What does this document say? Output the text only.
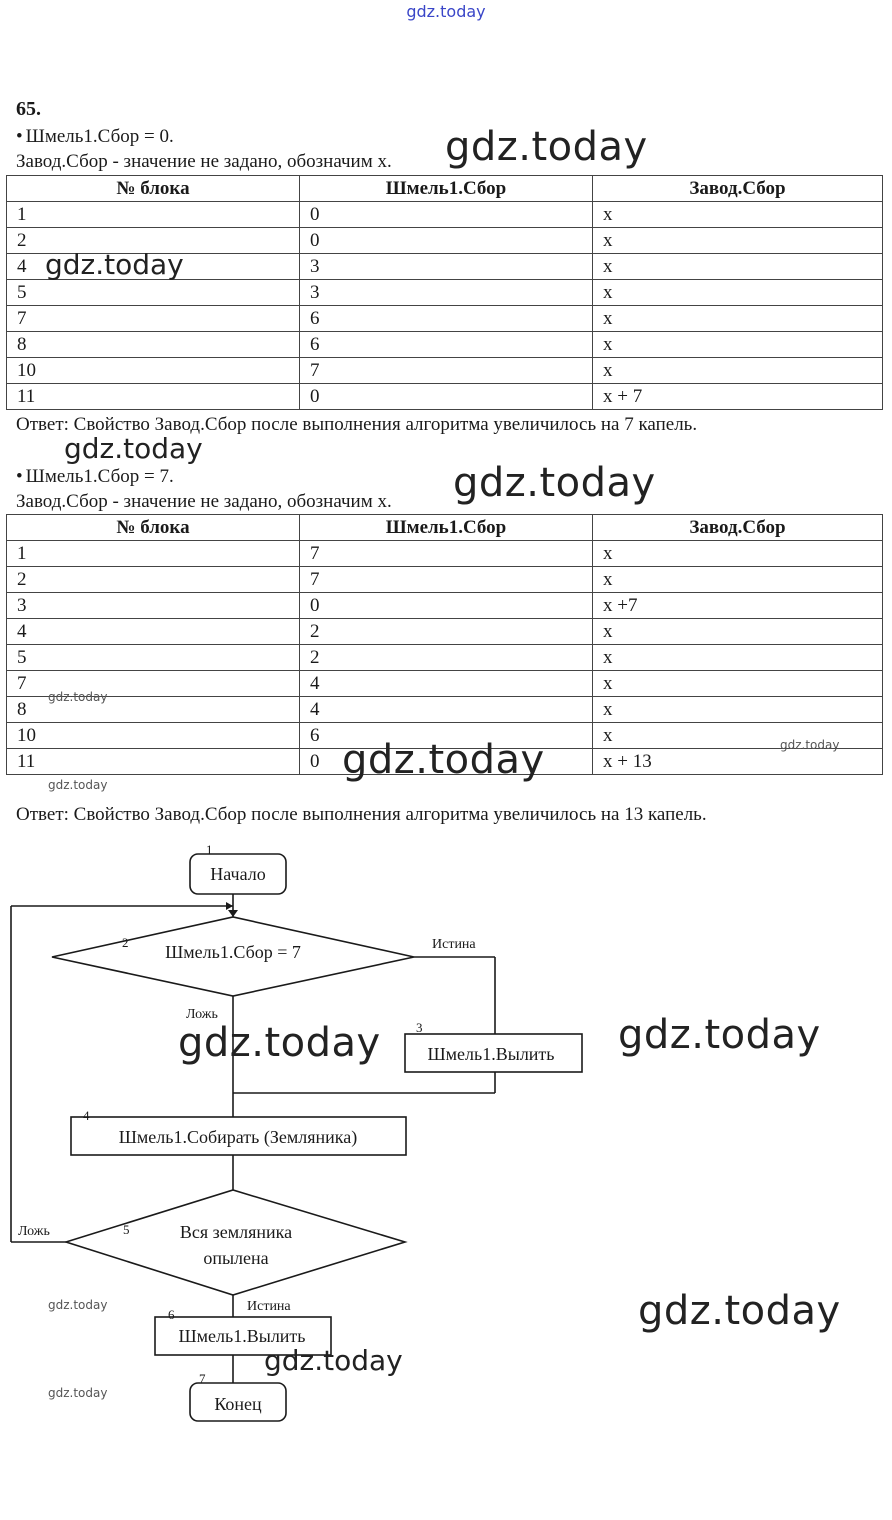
gdz.today
65.
• Шмель1.Сбор = 0.
Завод.Сбор - значение не задано, обозначим х.
№ блока	Шмель1.Сбор	Завод.Сбор
1	0	х
2	0	х
4	3	х
5	3	х
7	6	х
8	6	х
10	7	х
11	0	х + 7
Ответ: Свойство Завод.Сбор после выполнения алгоритма увеличилось на 7 капель.
• Шмель1.Сбор = 7.
Завод.Сбор - значение не задано, обозначим х.
№ блока	Шмель1.Сбор	Завод.Сбор
1	7	х
2	7	х
3	0	х +7
4	2	х
5	2	х
7	4	х
8	4	х
10	6	х
11	0	х + 13
Ответ: Свойство Завод.Сбор после выполнения алгоритма увеличилось на 13 капель.
1
Начало
2 Шмель1.Сбор = 7	Истина
Ложь
3
Шмель1.Вылить
4
Шмель1.Собирать (Земляника)
5	Вся земляника
опылена
Ложь
Истина
6
Шмель1.Вылить
7
Конец
gdz.today
gdz.today
gdz.today
gdz.today
gdz.today
gdz.today
gdz.today
gdz.today
gdz.today	gdz.today
gdz.today	gdz.today
gdz.today
gdz.today
